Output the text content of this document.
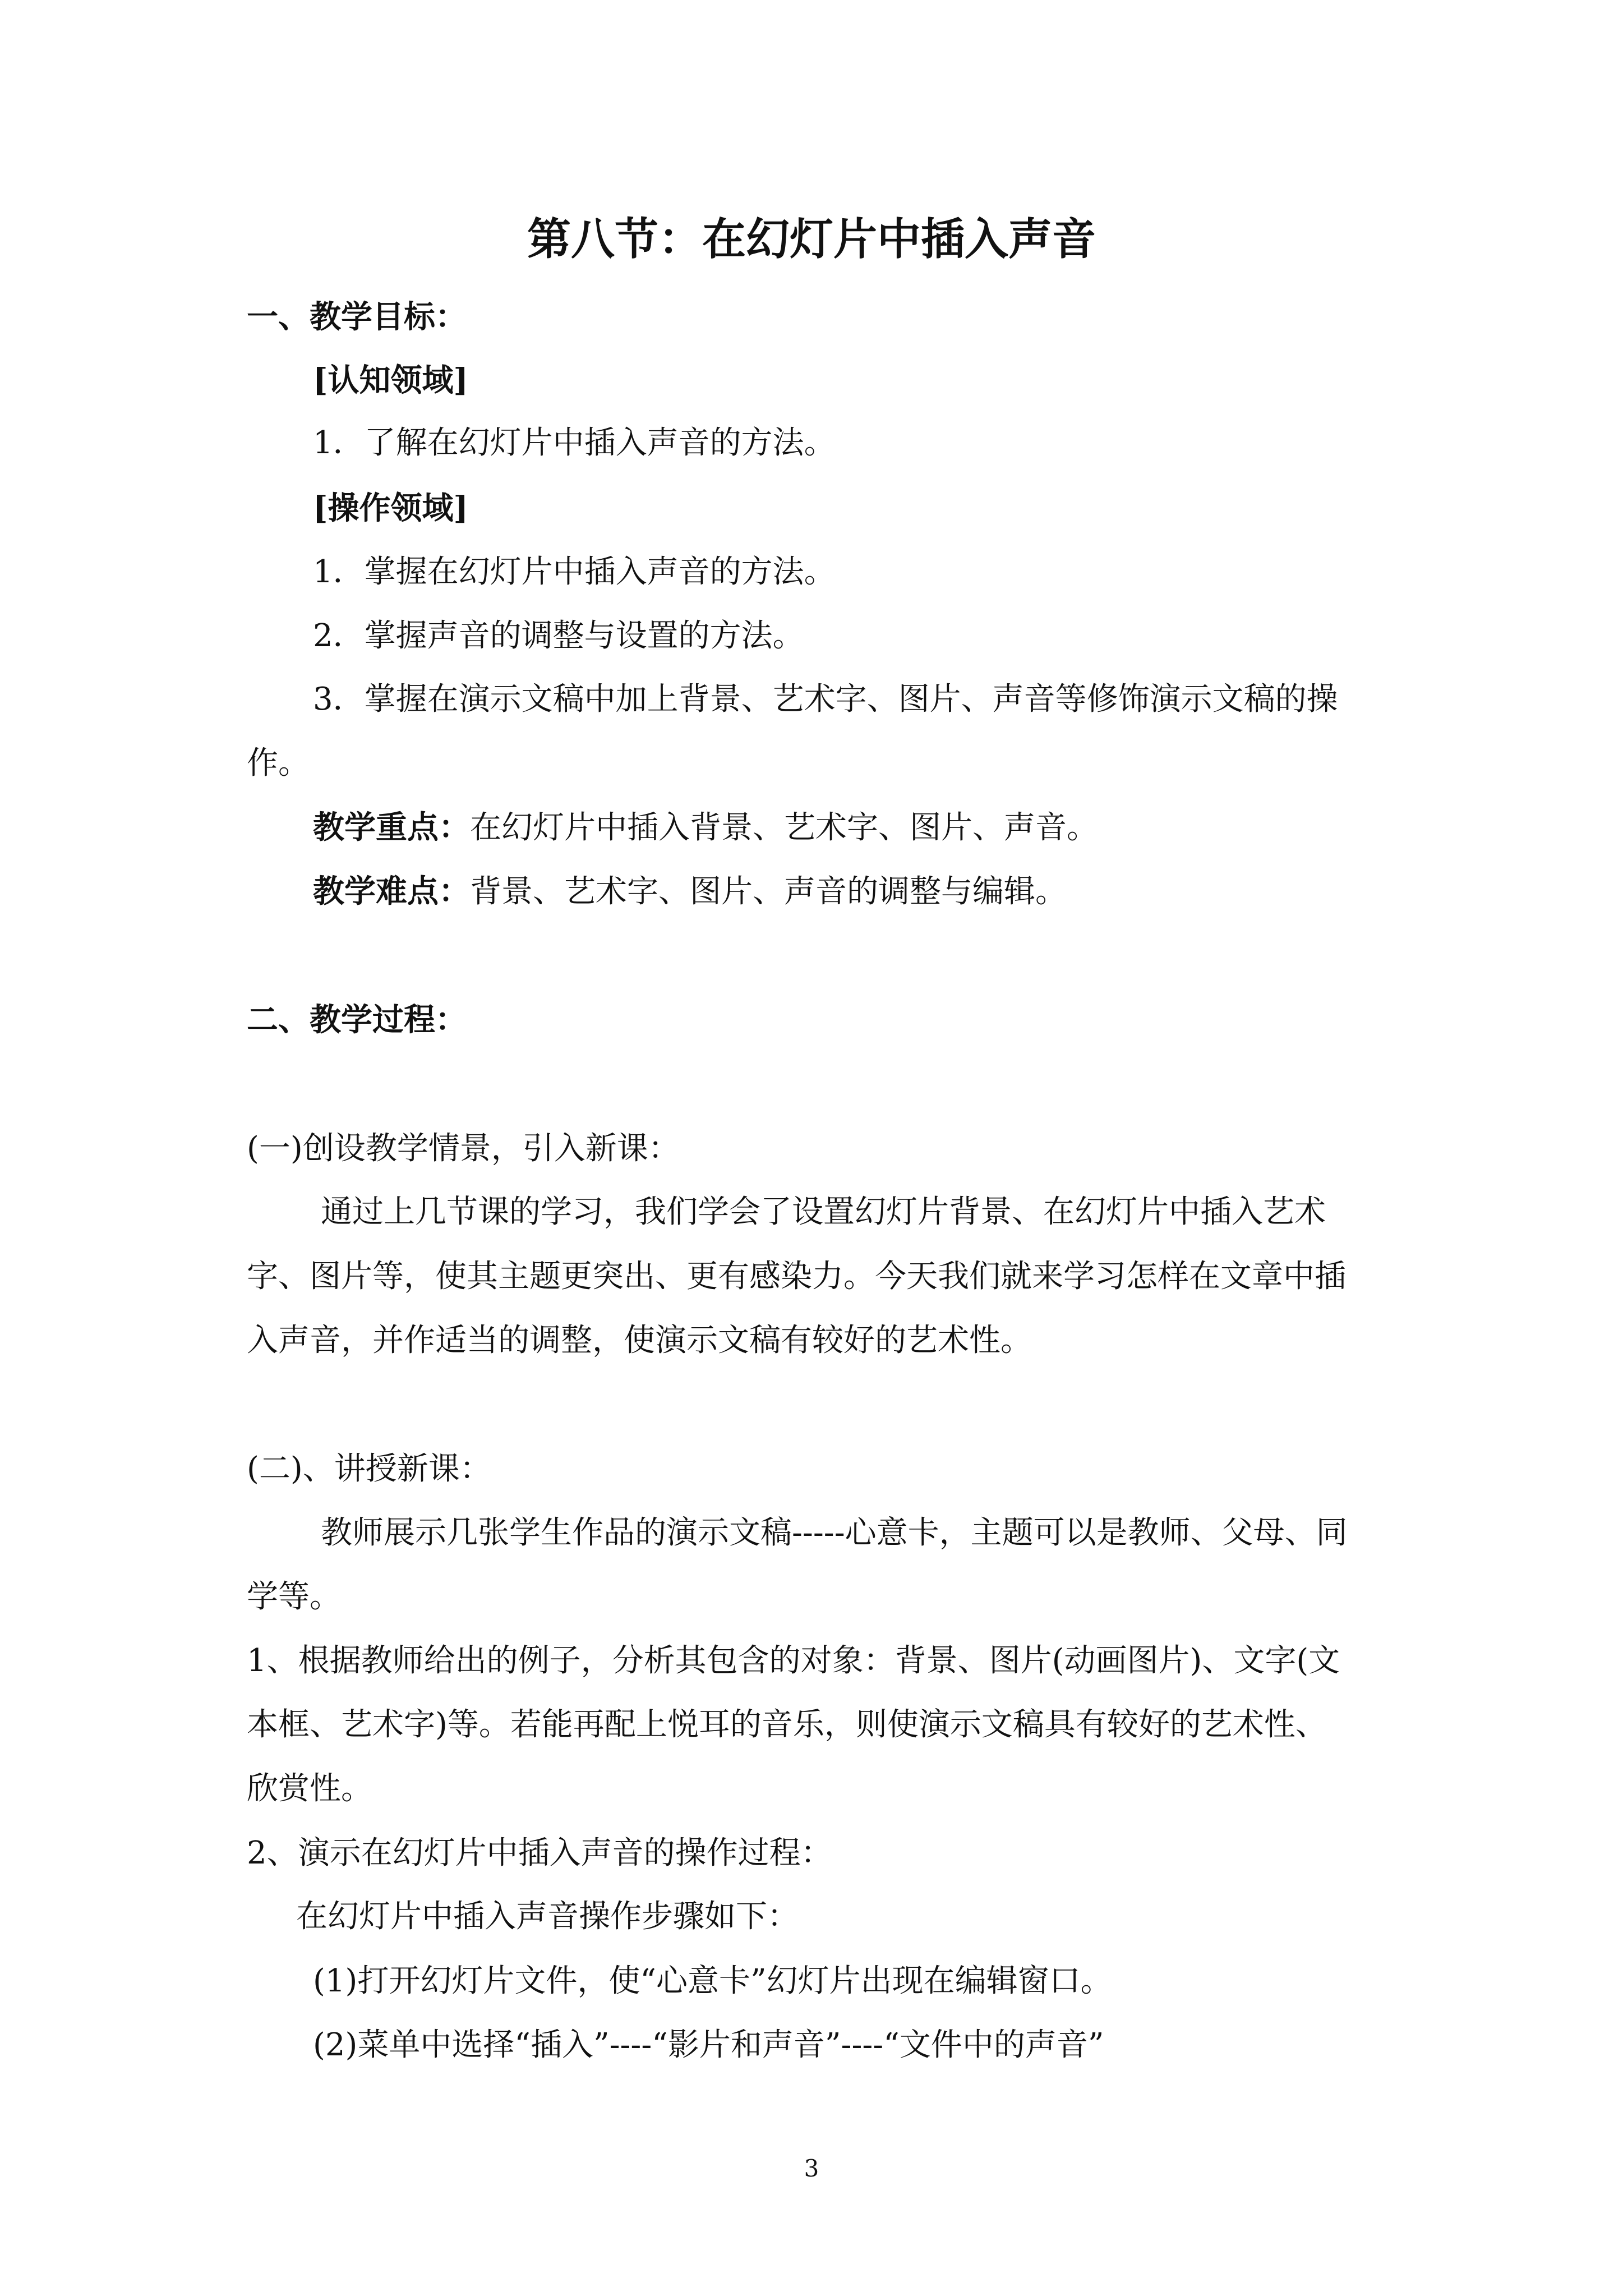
第八节：在幻灯片中插入声音
一、教学目标：
[认知领域]
1．了解在幻灯片中插入声音的方法。
[操作领域]
1．掌握在幻灯片中插入声音的方法。
2．掌握声音的调整与设置的方法。
3．掌握在演示文稿中加上背景、艺术字、图片、声音等修饰演示文稿的操
作。
教学重点：在幻灯片中插入背景、艺术字、图片、声音。
教学难点：背景、艺术字、图片、声音的调整与编辑。
二、教学过程：
(一)创设教学情景，引入新课：
通过上几节课的学习，我们学会了设置幻灯片背景、在幻灯片中插入艺术
字、图片等，使其主题更突出、更有感染力。今天我们就来学习怎样在文章中插
入声音，并作适当的调整，使演示文稿有较好的艺术性。
(二)、讲授新课：
教师展示几张学生作品的演示文稿-----心意卡，主题可以是教师、父母、同
学等。
1、根据教师给出的例子，分析其包含的对象：背景、图片(动画图片)、文字(文
本框、艺术字)等。若能再配上悦耳的音乐，则使演示文稿具有较好的艺术性、
欣赏性。
2、演示在幻灯片中插入声音的操作过程：
在幻灯片中插入声音操作步骤如下：
(1)打开幻灯片文件，使“心意卡”幻灯片出现在编辑窗口。
(2)菜单中选择“插入”----“影片和声音”----“文件中的声音”
3
